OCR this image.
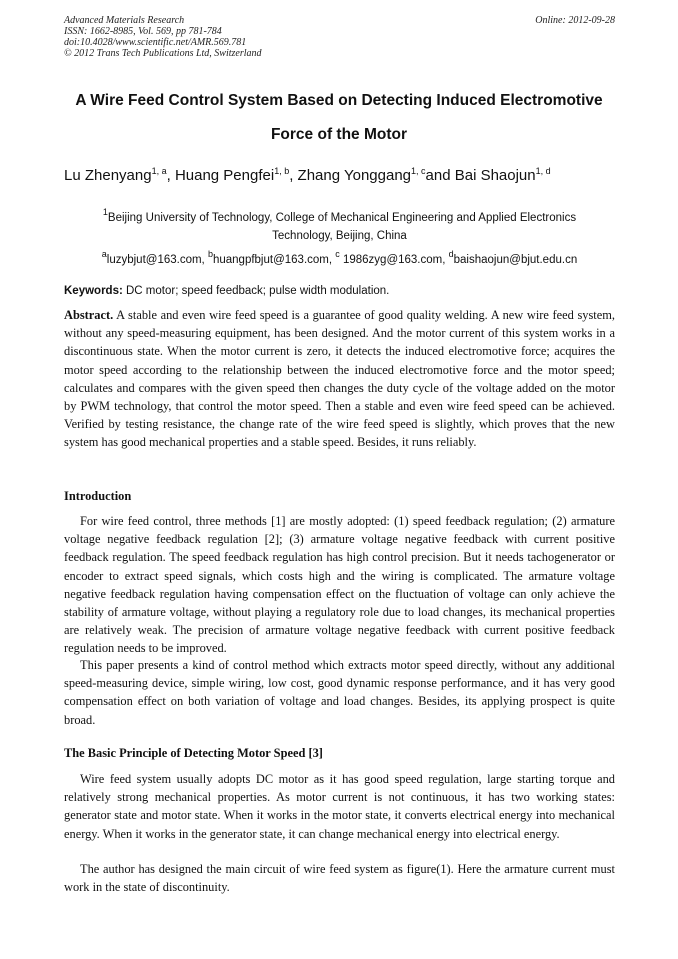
Advanced Materials Research
ISSN: 1662-8985, Vol. 569, pp 781-784
doi:10.4028/www.scientific.net/AMR.569.781
© 2012 Trans Tech Publications Ltd, Switzerland
Online: 2012-09-28
A Wire Feed Control System Based on Detecting Induced Electromotive
Force of the Motor
Lu Zhenyang$^{1, a}$, Huang Pengfei$^{1, b}$, Zhang Yonggang$^{1, c}$and Bai Shaojun$^{1, d}$
$^1$Beijing University of Technology, College of Mechanical Engineering and Applied Electronics
Technology, Beijing, China
$^a$luzybjut@163.com, $^b$huangpfbjut@163.com, $^c$ 1986zyg@163.com, $^d$baishaojun@bjut.edu.cn
Keywords: DC motor; speed feedback; pulse width modulation.
Abstract. A stable and even wire feed speed is a guarantee of good quality welding. A new wire feed system, without any speed-measuring equipment, has been designed. And the motor current of this system works in a discontinuous state. When the motor current is zero, it detects the induced electromotive force; acquires the motor speed according to the relationship between the induced electromotive force and the motor speed; calculates and compares with the given speed then changes the duty cycle of the voltage added on the motor by PWM technology, that control the motor speed. Then a stable and even wire feed speed can be achieved. Verified by testing resistance, the change rate of the wire feed speed is slightly, which proves that the new system has good mechanical properties and a stable speed. Besides, it runs reliably.
Introduction
For wire feed control, three methods [1] are mostly adopted: (1) speed feedback regulation; (2) armature voltage negative feedback regulation [2]; (3) armature voltage negative feedback with current positive feedback regulation. The speed feedback regulation has high control precision. But it needs tachogenerator or encoder to extract speed signals, which costs high and the wiring is complicated. The armature voltage negative feedback regulation having compensation effect on the fluctuation of voltage can only achieve the stability of armature voltage, without playing a regulatory role due to load changes, its mechanical properties are relatively weak. The precision of armature voltage negative feedback with current positive feedback regulation needs to be improved.
This paper presents a kind of control method which extracts motor speed directly, without any additional speed-measuring device, simple wiring, low cost, good dynamic response performance, and it has very good compensation effect on both variation of voltage and load changes. Besides, its applying prospect is quite broad.
The Basic Principle of Detecting Motor Speed [3]
Wire feed system usually adopts DC motor as it has good speed regulation, large starting torque and relatively strong mechanical properties. As motor current is not continuous, it has two working states: generator state and motor state. When it works in the motor state, it converts electrical energy into mechanical energy. When it works in the generator state, it can change mechanical energy into electrical energy.
The author has designed the main circuit of wire feed system as figure(1). Here the armature current must work in the state of discontinuity.
